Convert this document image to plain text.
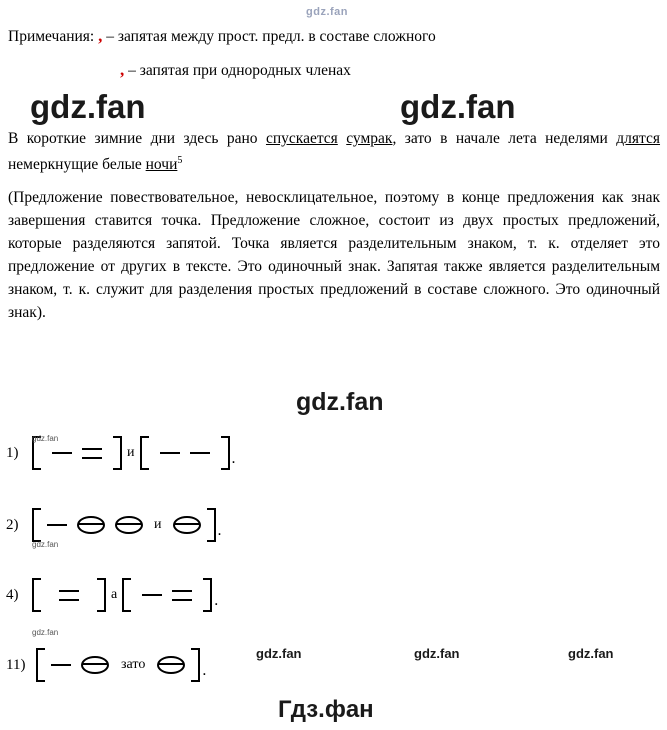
gdz.fan
Примечания: , – запятая между прост. предл. в составе сложного
, – запятая при однородных членах
gdz.fan	gdz.fan
В короткие зимние дни здесь рано спускается сумрак, зато в начале лета неделями длятся немеркнущие белые ночи$^5$
(Предложение повествовательное, невосклицательное, поэтому в конце предложения как знак завершения ставится точка. Предложение сложное, состоит из двух простых предложений, которые разделяются запятой. Точка является разделительным знаком, т. к. отделяет это предложение от других в тексте. Это одиночный знак. Запятая также является разделительным знаком, т. к. служит для разделения простых предложений в составе сложного. Это одиночный знак).
gdz.fan
1)	и	.
gdz.fan
2)	и	.
gdz.fan
4)	а	.
gdz.fan
11)	зато	.
gdz.fan	gdz.fan	gdz.fan
Гдз.фан
